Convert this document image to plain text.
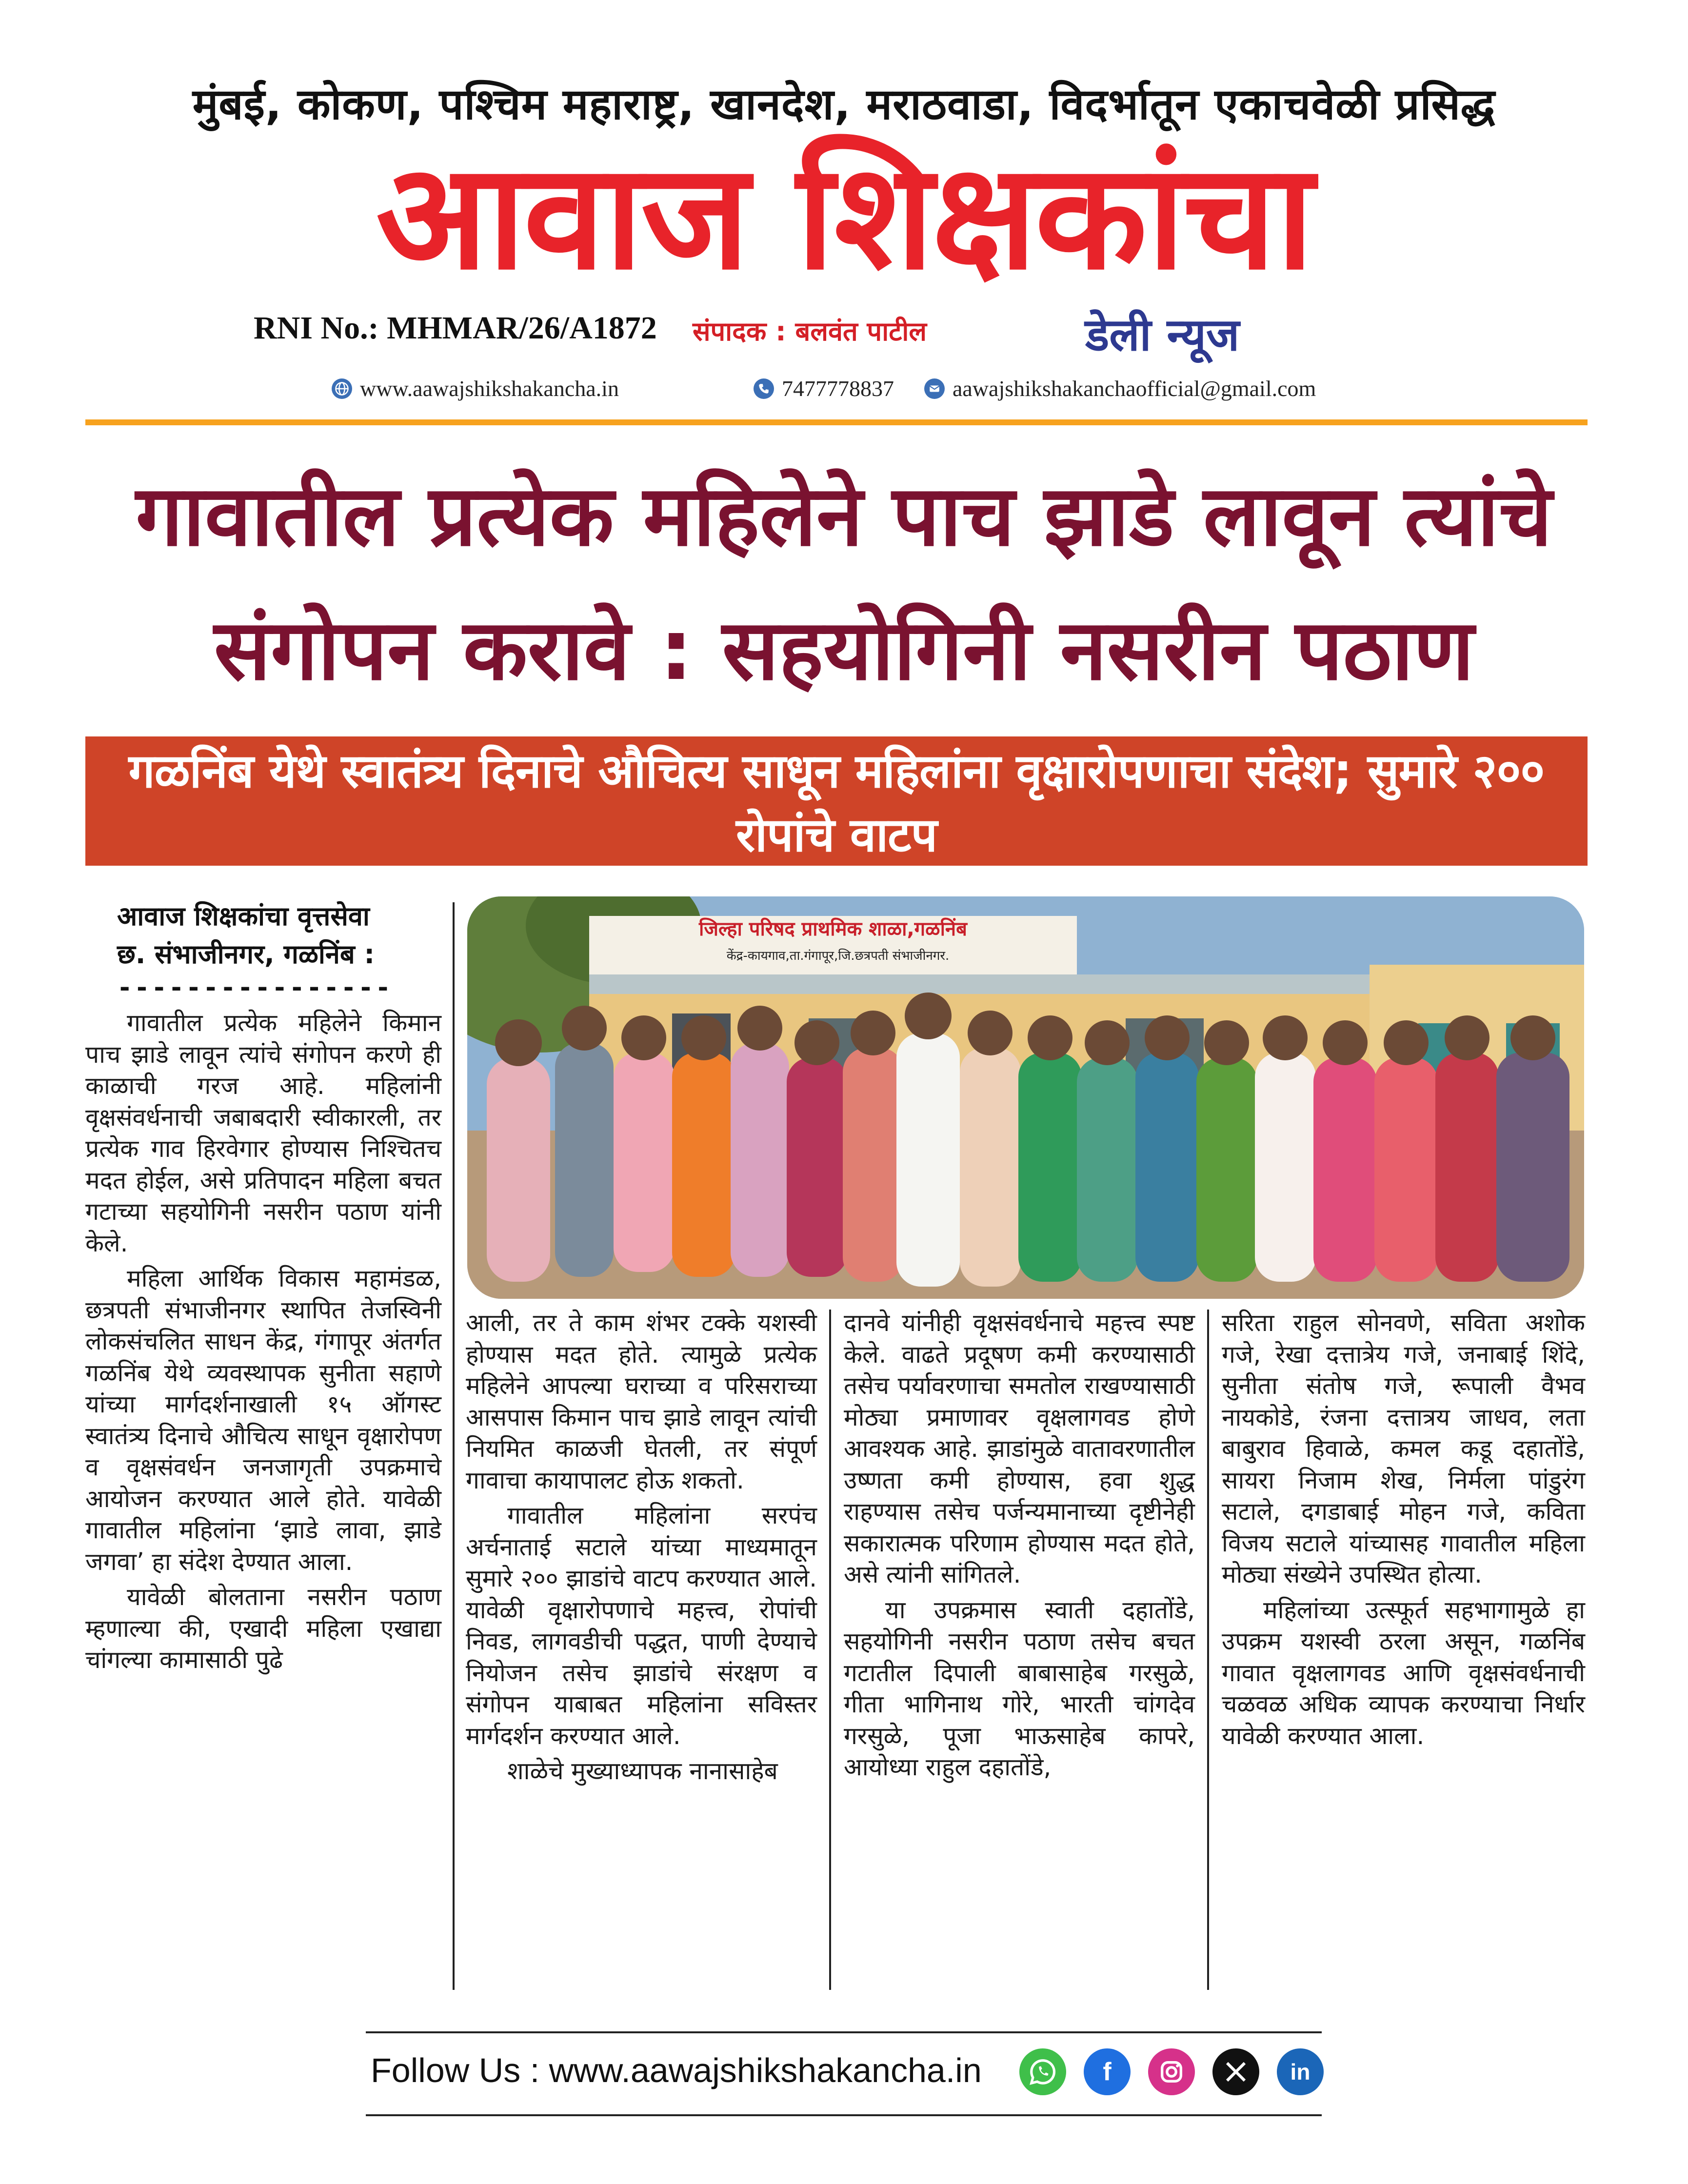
मुंबई, कोकण, पश्चिम महाराष्ट्र, खानदेश, मराठवाडा, विदर्भातून एकाचवेळी प्रसिद्ध
आवाज शिक्षकांचा
RNI No.: MHMAR/26/A1872 संपादक : बलवंत पाटील	डेली न्यूज
www.aawajshikshakancha.in	7477778837	aawajshikshakanchaofficial@gmail.com
गावातील प्रत्येक महिलेने पाच झाडे लावून त्यांचे
संगोपन करावे : सहयोगिनी नसरीन पठाण
गळनिंब येथे स्वातंत्र्य दिनाचे औचित्य साधून महिलांना वृक्षारोपणाचा संदेश; सुमारे २०० रोपांचे वाटप
आवाज शिक्षकांचा वृत्तसेवा
छ. संभाजीनगर, गळनिंब :
----------------
जिल्हा परिषद प्राथमिक शाळा,गळनिंब
केंद्र-कायगाव,ता.गंगापूर,जि.छत्रपती संभाजीनगर.

गावातील प्रत्येक महिलेने किमान पाच झाडे लावून त्यांचे संगोपन करणे ही काळाची गरज आहे. महिलांनी वृक्षसंवर्धनाची जबाबदारी स्वीकारली, तर प्रत्येक गाव हिरवेगार होण्यास निश्चितच मदत होईल, असे प्रतिपादन महिला बचत गटाच्या सहयोगिनी नसरीन पठाण यांनी केले.

महिला आर्थिक विकास महामंडळ, छत्रपती संभाजीनगर स्थापित तेजस्विनी लोकसंचलित साधन केंद्र, गंगापूर अंतर्गत गळनिंब येथे व्यवस्थापक सुनीता सहाणे यांच्या मार्गदर्शनाखाली १५ ऑगस्ट स्वातंत्र्य दिनाचे औचित्य साधून वृक्षारोपण व वृक्षसंवर्धन जनजागृती उपक्रमाचे आयोजन करण्यात आले होते. यावेळी गावातील महिलांना ‘झाडे लावा, झाडे जगवा’ हा संदेश देण्यात आला.

यावेळी बोलताना नसरीन पठाण म्हणाल्या की, एखादी महिला एखाद्या चांगल्या कामासाठी पुढे

आली, तर ते काम शंभर टक्के यशस्वी होण्यास मदत होते. त्यामुळे प्रत्येक महिलेने आपल्या घराच्या व परिसराच्या आसपास किमान पाच झाडे लावून त्यांची नियमित काळजी घेतली, तर संपूर्ण गावाचा कायापालट होऊ शकतो.

गावातील महिलांना सरपंच अर्चनाताई सटाले यांच्या माध्यमातून सुमारे २०० झाडांचे वाटप करण्यात आले. यावेळी वृक्षारोपणाचे महत्त्व, रोपांची निवड, लागवडीची पद्धत, पाणी देण्याचे नियोजन तसेच झाडांचे संरक्षण व संगोपन याबाबत महिलांना सविस्तर मार्गदर्शन करण्यात आले.

शाळेचे मुख्याध्यापक नानासाहेब

दानवे यांनीही वृक्षसंवर्धनाचे महत्त्व स्पष्ट केले. वाढते प्रदूषण कमी करण्यासाठी तसेच पर्यावरणाचा समतोल राखण्यासाठी मोठ्या प्रमाणावर वृक्षलागवड होणे आवश्यक आहे. झाडांमुळे वातावरणातील उष्णता कमी होण्यास, हवा शुद्ध राहण्यास तसेच पर्जन्यमानाच्या दृष्टीनेही सकारात्मक परिणाम होण्यास मदत होते, असे त्यांनी सांगितले.

या उपक्रमास स्वाती दहातोंडे, सहयोगिनी नसरीन पठाण तसेच बचत गटातील दिपाली बाबासाहेब गरसुळे, गीता भागिनाथ गोरे, भारती चांगदेव गरसुळे, पूजा भाऊसाहेब कापरे, आयोध्या राहुल दहातोंडे,

सरिता राहुल सोनवणे, सविता अशोक गजे, रेखा दत्तात्रेय गजे, जनाबाई शिंदे, सुनीता संतोष गजे, रूपाली वैभव नायकोडे, रंजना दत्तात्रय जाधव, लता बाबुराव हिवाळे, कमल कडू दहातोंडे, सायरा निजाम शेख, निर्मला पांडुरंग सटाले, दगडाबाई मोहन गजे, कविता विजय सटाले यांच्यासह गावातील महिला मोठ्या संख्येने उपस्थित होत्या.

महिलांच्या उत्स्फूर्त सहभागामुळे हा उपक्रम यशस्वी ठरला असून, गळनिंब गावात वृक्षलागवड आणि वृक्षसंवर्धनाची चळवळ अधिक व्यापक करण्याचा निर्धार यावेळी करण्यात आला.

Follow Us : www.aawajshikshakancha.in	f	in
